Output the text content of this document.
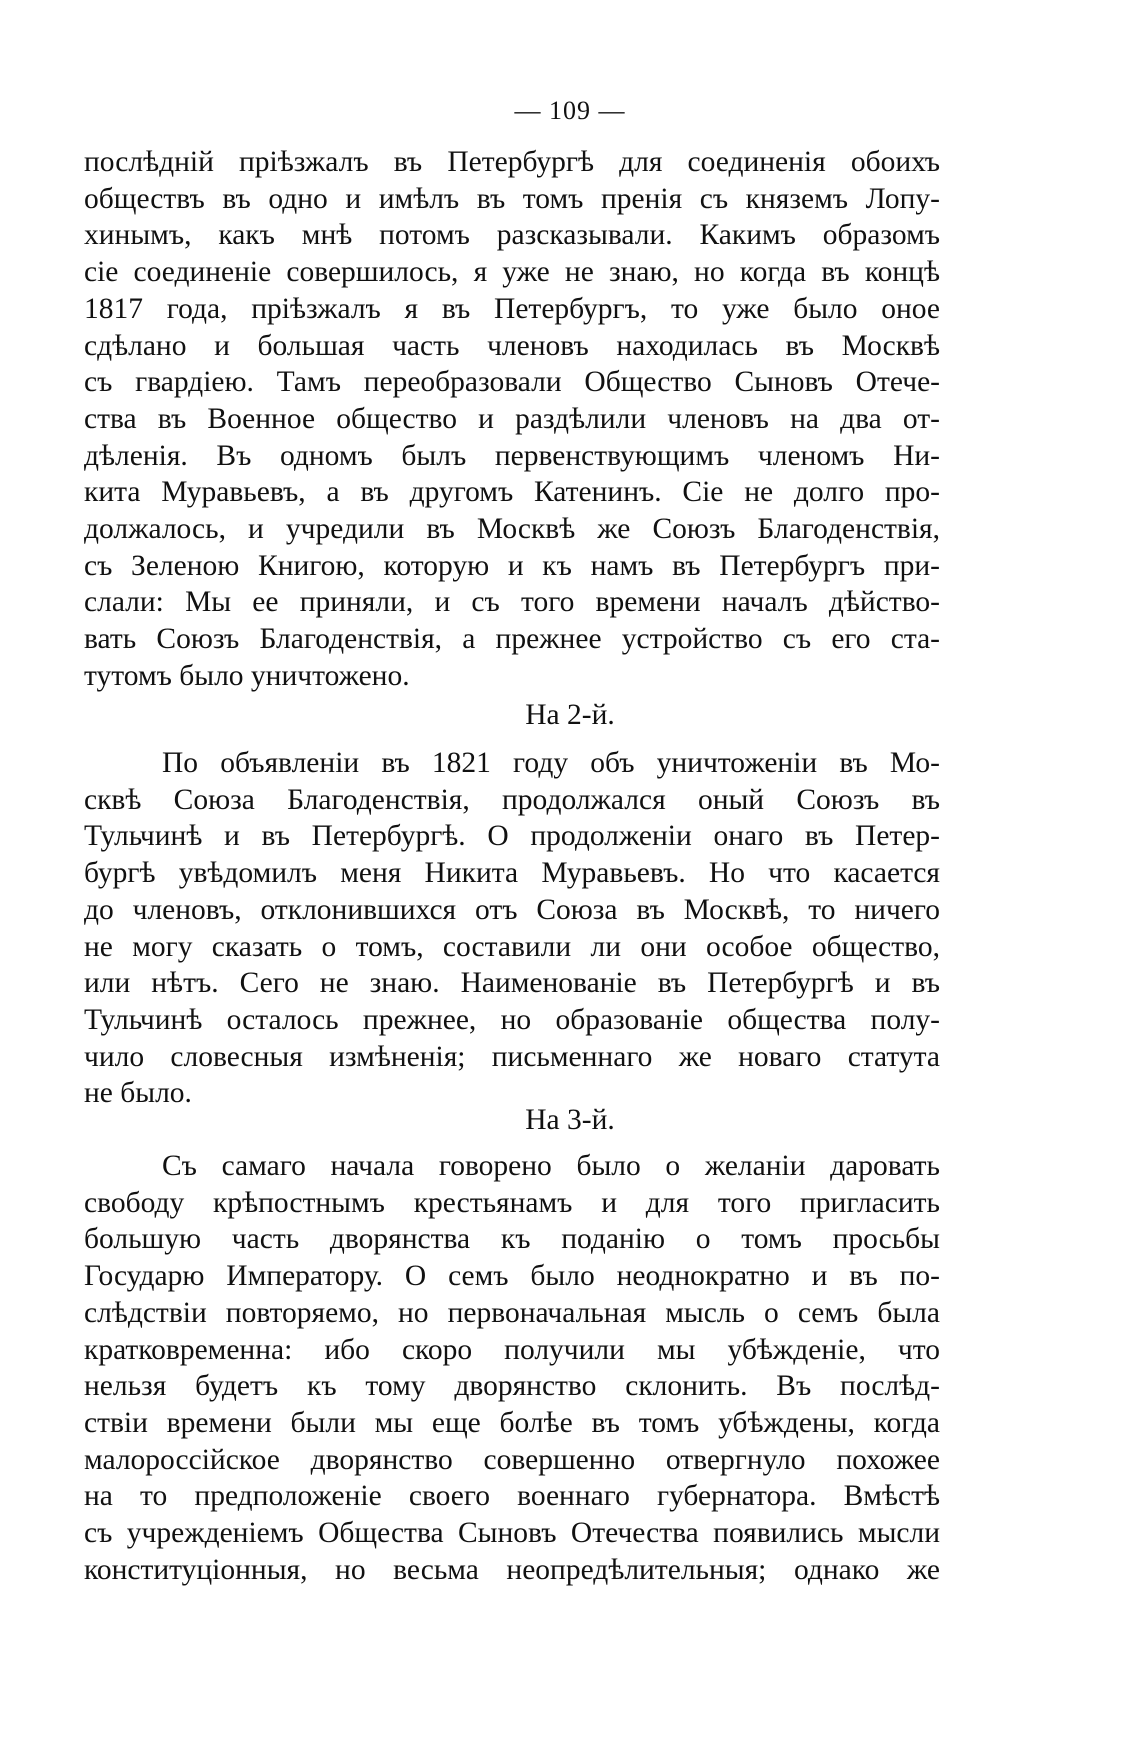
— 109 —
послѣдній пріѣзжалъ въ Петербургѣ для соединенія обоихъ
обществъ въ одно и имѣлъ въ томъ пренія съ княземъ Лопу-
хинымъ, какъ мнѣ потомъ разсказывали. Какимъ образомъ
сіе соединеніе совершилось, я уже не знаю, но когда въ концѣ
1817 года, пріѣзжалъ я въ Петербургъ, то уже было оное
сдѣлано и большая часть членовъ находилась въ Москвѣ
съ гвардіею. Тамъ переобразовали Общество Сыновъ Отече-
ства въ Военное общество и раздѣлили членовъ на два от-
дѣленія. Въ одномъ былъ первенствующимъ членомъ Ни-
кита Муравьевъ, а въ другомъ Катенинъ. Сіе не долго про-
должалось, и учредили въ Москвѣ же Союзъ Благоденствія,
съ Зеленою Книгою, которую и къ намъ въ Петербургъ при-
слали: Мы ее приняли, и съ того времени началъ дѣйство-
вать Союзъ Благоденствія, а прежнее устройство съ его ста-
тутомъ было уничтожено.
На 2-й.
По объявленіи въ 1821 году объ уничтоженіи въ Мо-
сквѣ Союза Благоденствія, продолжался оный Союзъ въ
Тульчинѣ и въ Петербургѣ. О продолженіи онаго въ Петер-
бургѣ увѣдомилъ меня Никита Муравьевъ. Но что касается
до членовъ, отклонившихся отъ Союза въ Москвѣ, то ничего
не могу сказать о томъ, составили ли они особое общество,
или нѣтъ. Сего не знаю. Наименованіе въ Петербургѣ и въ
Тульчинѣ осталось прежнее, но образованіе общества полу-
чило словесныя измѣненія; письменнаго же новаго статута
не было.
На 3-й.
Съ самаго начала говорено было о желаніи даровать
свободу крѣпостнымъ крестьянамъ и для того пригласить
большую часть дворянства къ поданію о томъ просьбы
Государю Императору. О семъ было неоднократно и въ по-
слѣдствіи повторяемо, но первоначальная мысль о семъ была
кратковременна: ибо скоро получили мы убѣжденіе, что
нельзя будетъ къ тому дворянство склонить. Въ послѣд-
ствіи времени были мы еще болѣе въ томъ убѣждены, когда
малороссійское дворянство совершенно отвергнуло похожее
на то предположеніе своего военнаго губернатора. Вмѣстѣ
съ учрежденіемъ Общества Сыновъ Отечества появились мысли
конституціонныя, но весьма неопредѣлительныя; однако же
